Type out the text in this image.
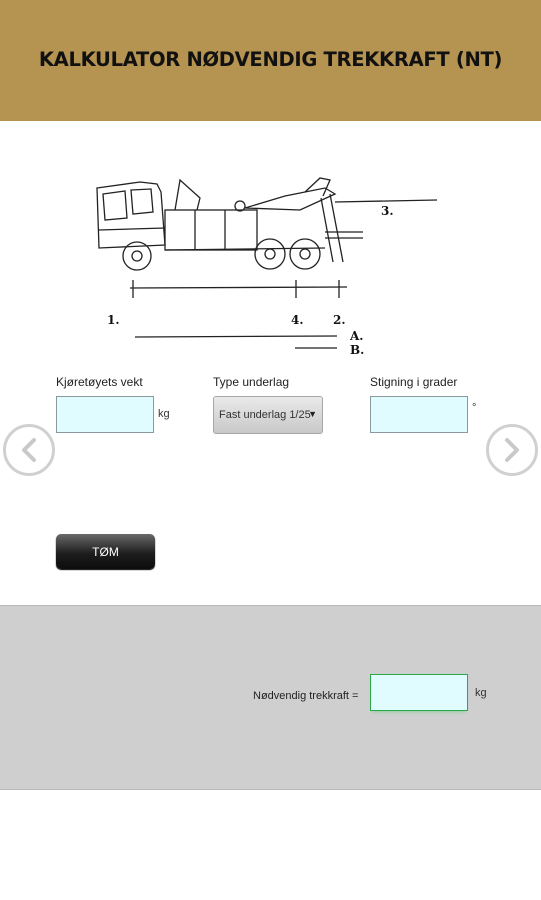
KALKULATOR NØDVENDIG TREKKRAFT (NT)
1.	4. 2.
3.
A.
B.
Kjøretøyets vekt	Type underlag	Stigning i grader
kg	Fast underlag 1/25
▼	°
TØM
Nødvendig trekkraft =	kg
